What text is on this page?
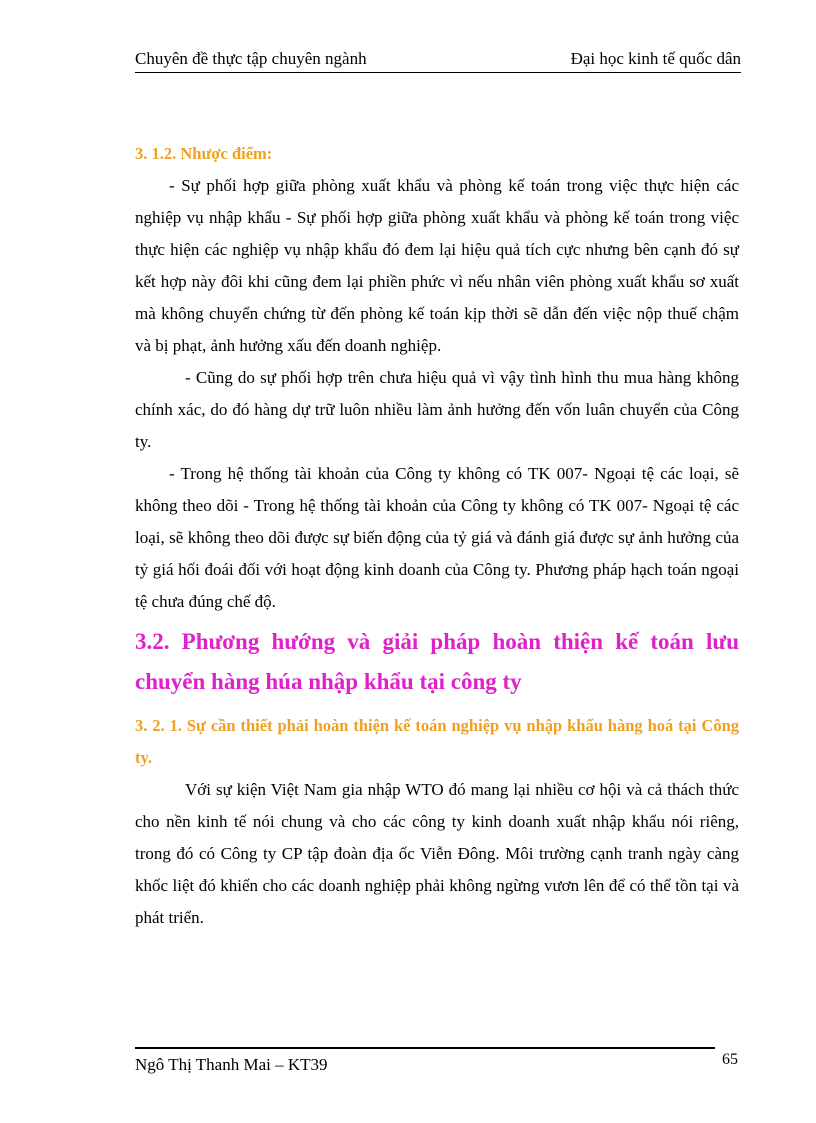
Chuyên đề thực tập chuyên ngành	Đại học kinh tế quốc dân

3. 1.2. Nhược điểm:

- Sự phối hợp giữa phòng xuất khẩu và phòng kế toán trong việc thực hiện các nghiệp vụ nhập khẩu - Sự phối hợp giữa phòng xuất khẩu và phòng kế toán trong việc thực hiện các nghiệp vụ nhập khẩu đó đem lại hiệu quả tích cực nhưng bên cạnh đó sự kết hợp này đôi khi cũng đem lại phiền phức vì nếu nhân viên phòng xuất khẩu sơ xuất mà không chuyển chứng từ đến phòng kế toán kịp thời sẽ dẫn đến việc nộp thuế chậm và bị phạt, ảnh hưởng xấu đến doanh nghiệp.

- Cũng do sự phối hợp trên chưa hiệu quả vì vậy tình hình thu mua hàng không chính xác, do đó hàng dự trữ luôn nhiều làm ảnh hưởng đến vốn luân chuyển của Công ty.

- Trong hệ thống tài khoản của Công ty không có TK 007- Ngoại tệ các loại, sẽ không theo dõi - Trong hệ thống tài khoản của Công ty không có TK 007- Ngoại tệ các loại, sẽ không theo dõi được sự biến động của tỷ giá và đánh giá được sự ảnh hưởng của tỷ giá hối đoái đối với hoạt động kinh doanh của Công ty. Phương pháp hạch toán ngoại tệ chưa đúng chế độ.

3.2. Phương hướng và giải pháp hoàn thiện kế toán lưu chuyển hàng húa nhập khẩu tại công ty

3. 2. 1. Sự cần thiết phải hoàn thiện kế toán nghiệp vụ nhập khẩu hàng hoá tại Công ty.

Với sự kiện Việt Nam gia nhập WTO đó mang lại nhiều cơ hội và cả thách thức cho nền kinh tế nói chung và cho các công ty kinh doanh xuất nhập khẩu nói riêng, trong đó có Công ty CP tập đoàn địa ốc Viễn Đông. Môi trường cạnh tranh ngày càng khốc liệt đó khiến cho các doanh nghiệp phải không ngừng vươn lên để có thể tồn tại và phát triển.

Ngô Thị Thanh Mai – KT39	65
